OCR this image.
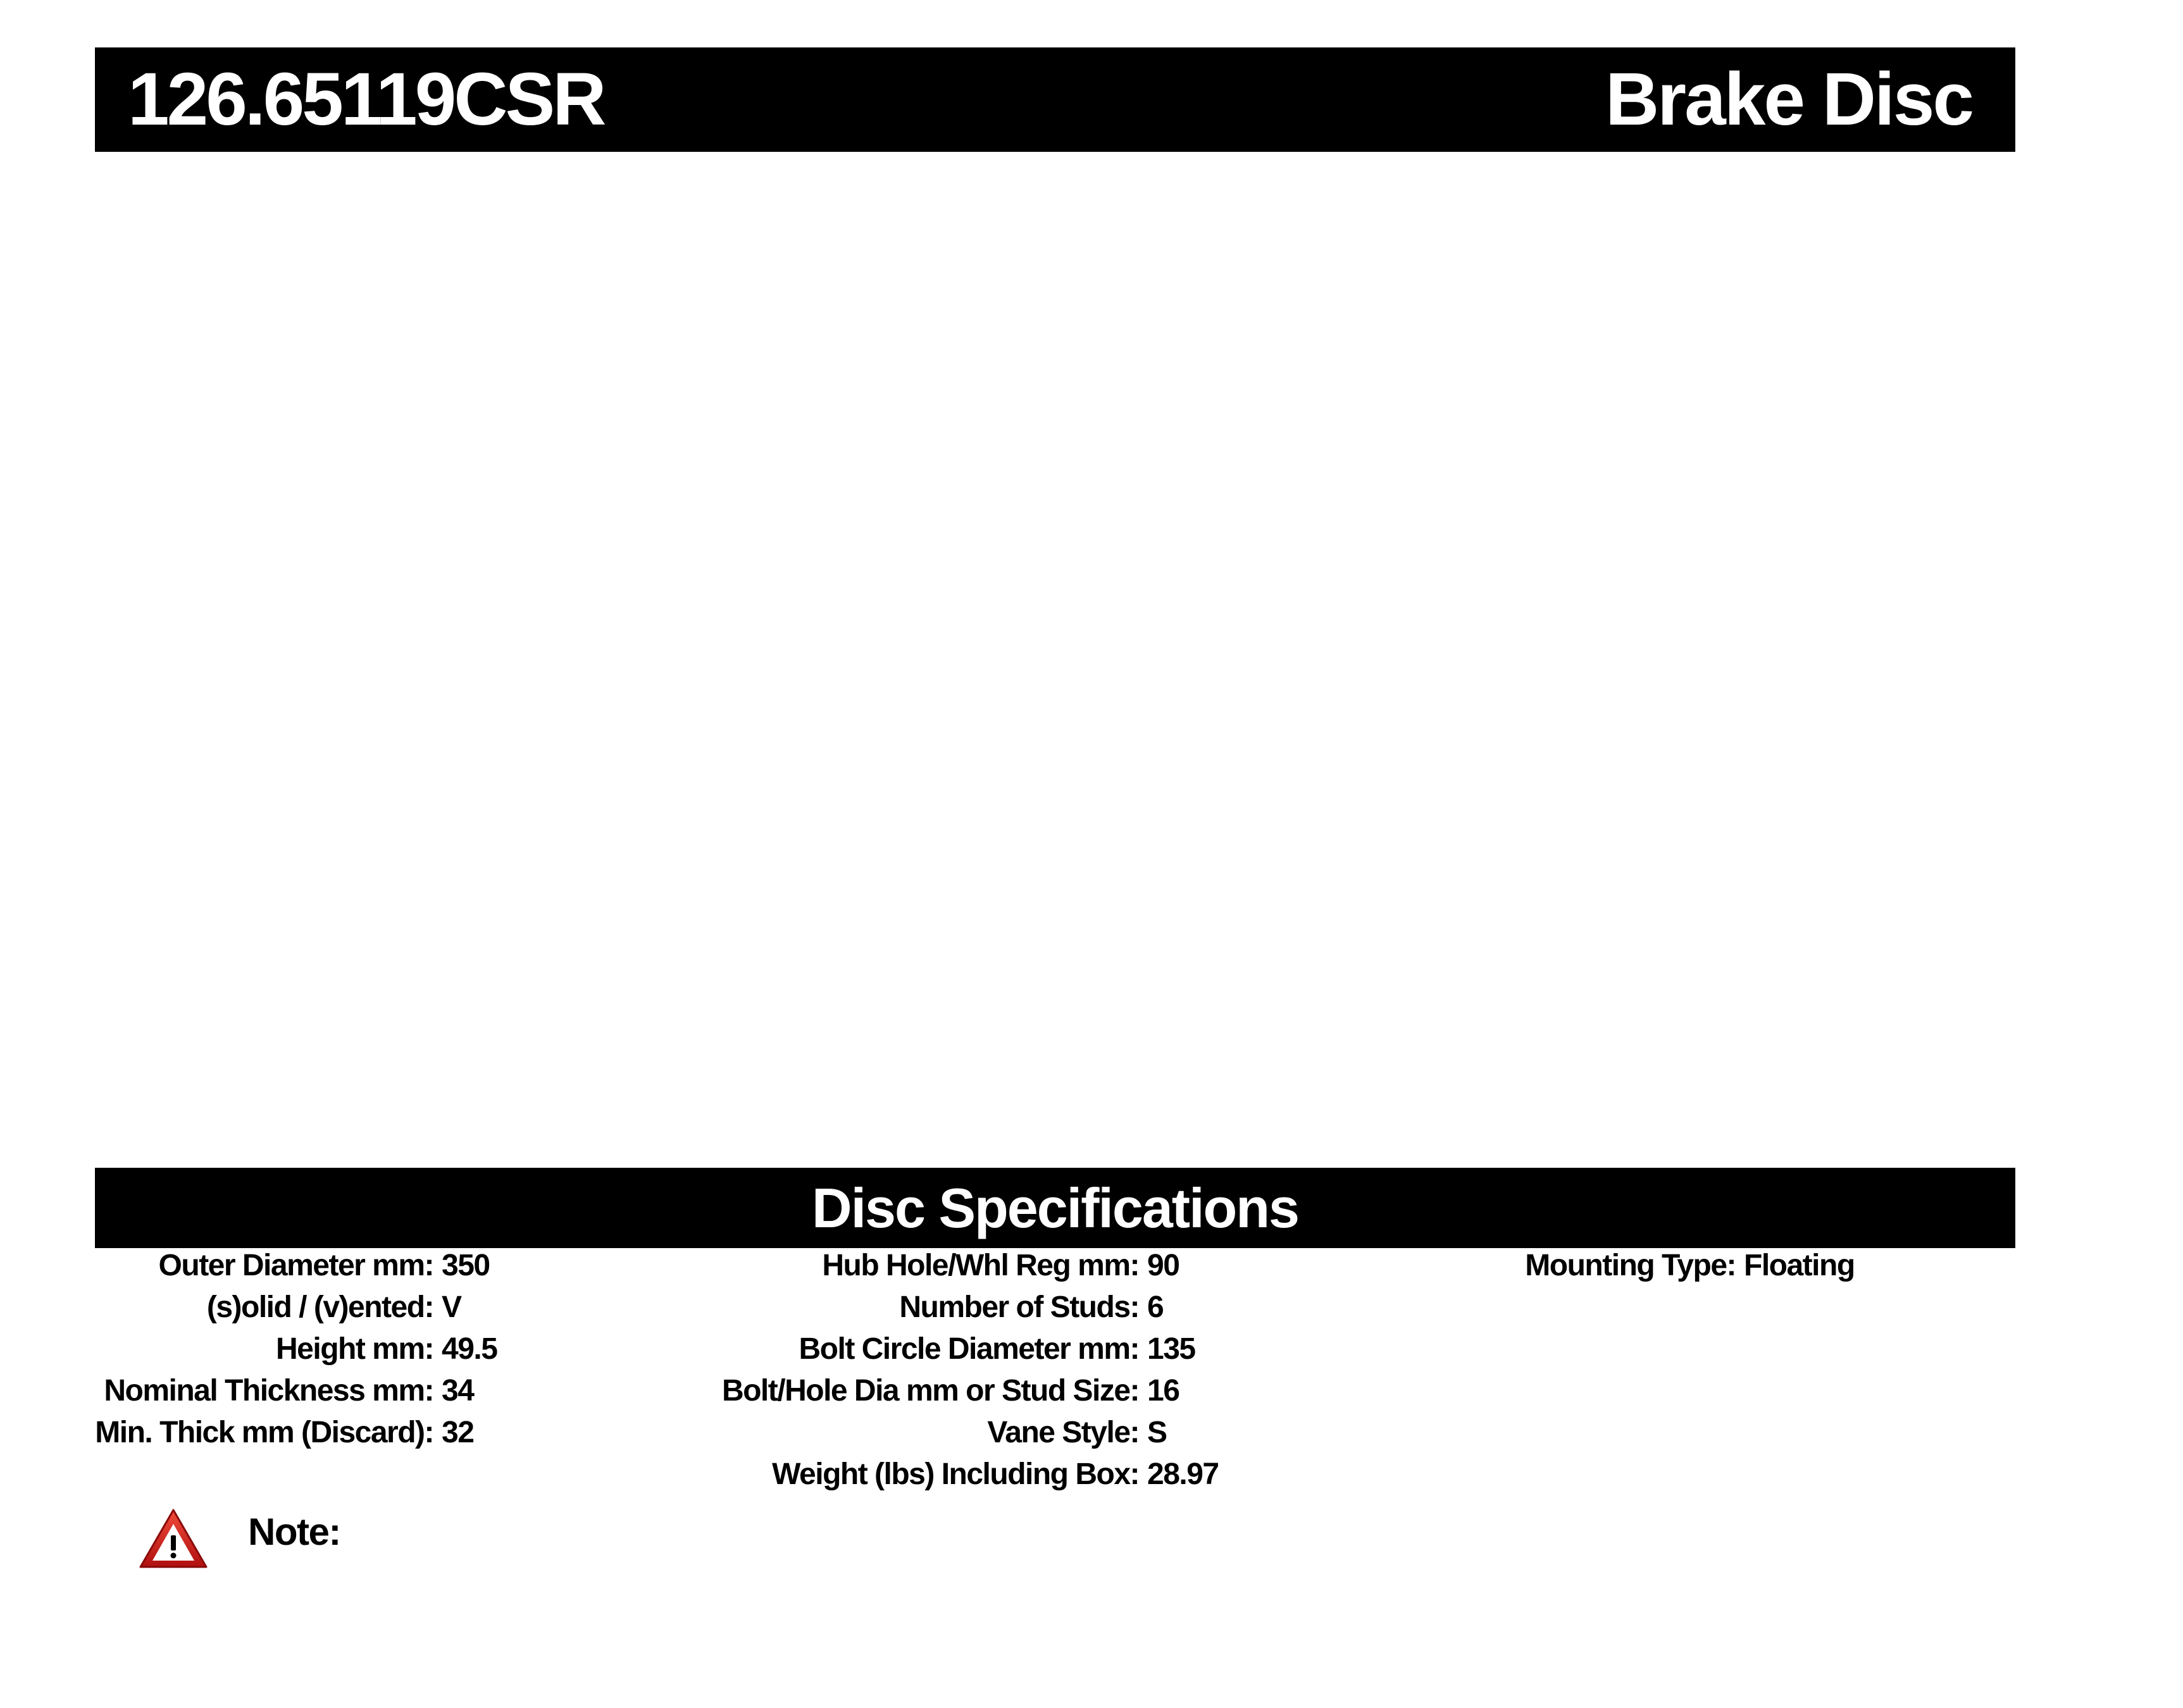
126.65119CSR	Brake Disc
Disc Specifications
Outer Diameter mm: 350
(s)olid / (v)ented: V
Height mm: 49.5
Nominal Thickness mm: 34
Min. Thick mm (Discard): 32
Hub Hole/Whl Reg mm: 90
Number of Studs: 6
Bolt Circle Diameter mm: 135
Bolt/Hole Dia mm or Stud Size: 16
Vane Style: S
Weight (lbs) Including Box: 28.97
Mounting Type: Floating
Note:
